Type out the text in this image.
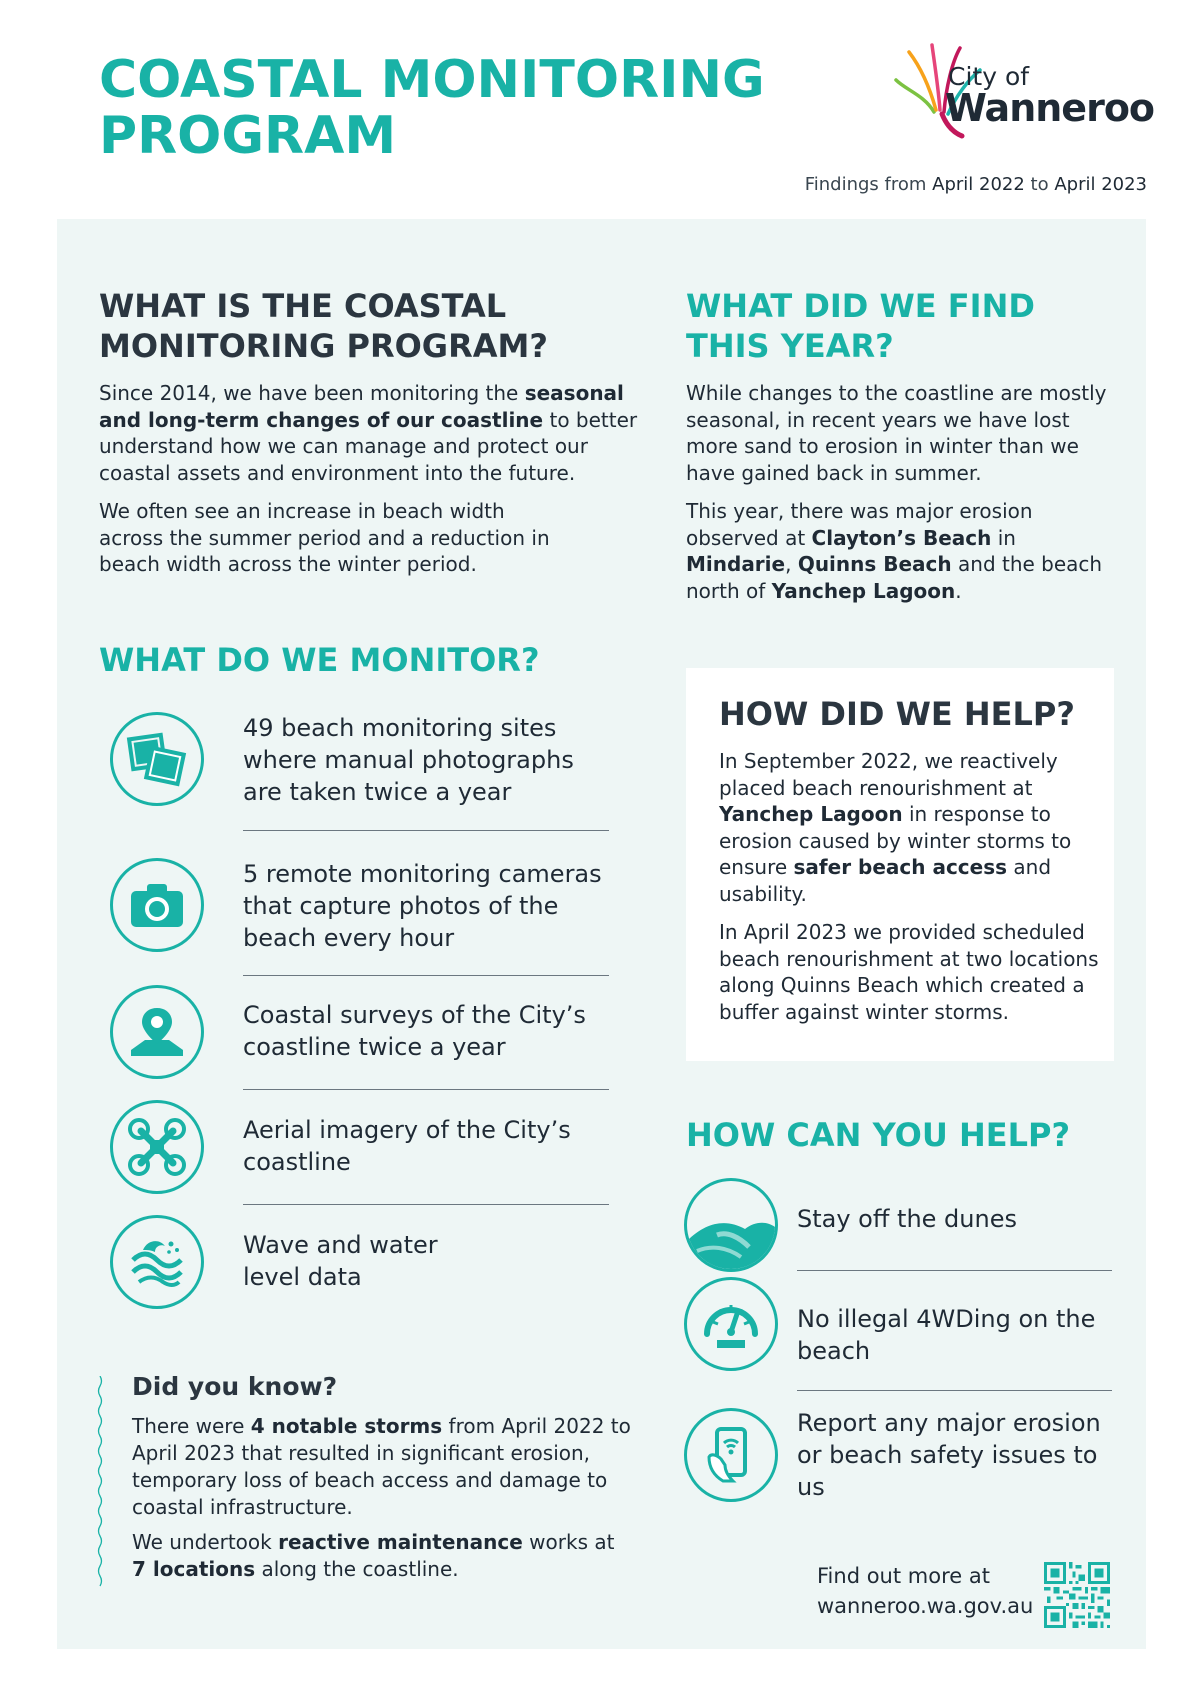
COASTAL MONITORING
PROGRAM
City of
Wanneroo
Findings from April 2022 to April 2023
WHAT IS THE COASTAL
MONITORING PROGRAM?

Since 2014, we have been monitoring the seasonal and long-term changes of our coastline to better understand how we can manage and protect our coastal assets and environment into the future.

We often see an increase in beach width across the summer period and a reduction in beach width across the winter period.

WHAT DID WE FIND
THIS YEAR?

While changes to the coastline are mostly seasonal, in recent years we have lost more sand to erosion in winter than we have gained back in summer.

This year, there was major erosion observed at Clayton’s Beach in Mindarie, Quinns Beach and the beach north of Yanchep Lagoon.

WHAT DO WE MONITOR?
49 beach monitoring sites where manual photographs are taken twice a year
5 remote monitoring cameras that capture photos of the beach every hour
Coastal surveys of the City’s coastline twice a year
Aerial imagery of the City’s coastline
Wave and water level data
HOW DID WE HELP?

In September 2022, we reactively placed beach renourishment at Yanchep Lagoon in response to erosion caused by winter storms to ensure safer beach access and usability.

In April 2023 we provided scheduled beach renourishment at two locations along Quinns Beach which created a buffer against winter storms.

HOW CAN YOU HELP?
Stay off the dunes
No illegal 4WDing on the beach
Report any major erosion or beach safety issues to us
Did you know?

There were 4 notable storms from April 2022 to April 2023 that resulted in significant erosion, temporary loss of beach access and damage to coastal infrastructure.

We undertook reactive maintenance works at 7 locations along the coastline.	Find out more at
wanneroo.wa.gov.au
